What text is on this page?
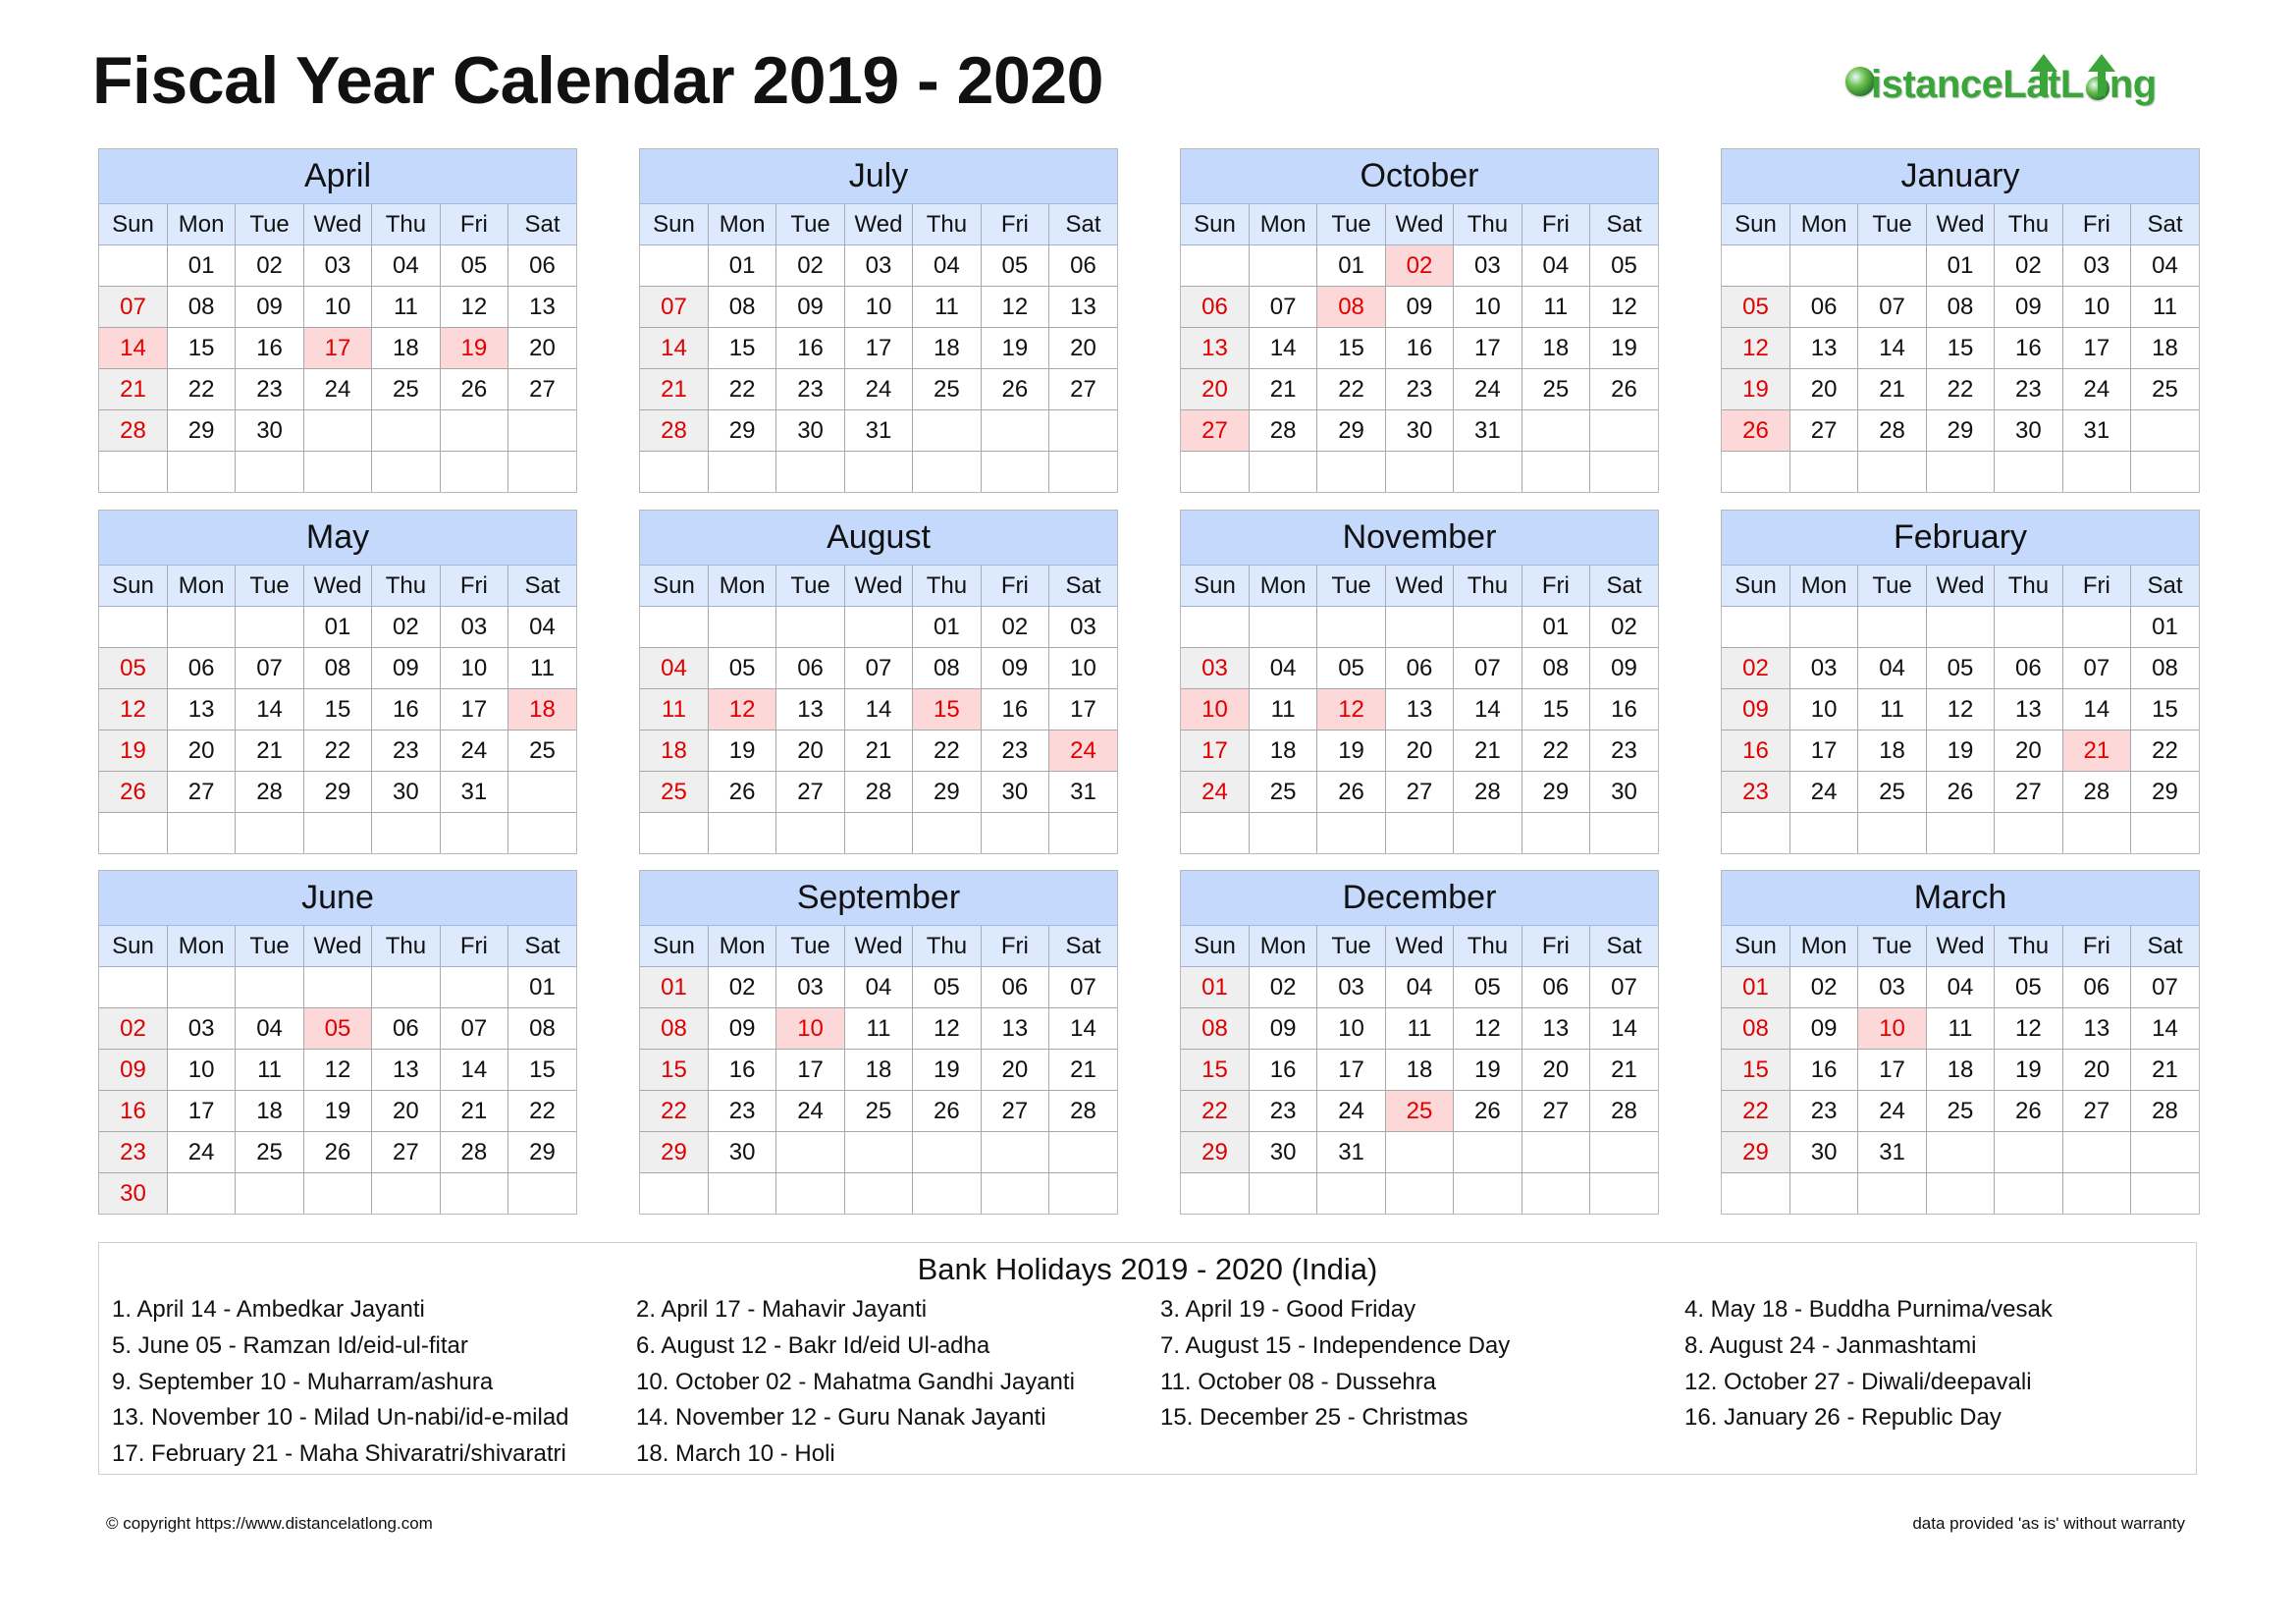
Fiscal Year Calendar 2019 - 2020	istance L at L ng
April
Sun	Mon	Tue	Wed	Thu	Fri	Sat
	01	02	03	04	05	06
07	08	09	10	11	12	13
14	15	16	17	18	19	20
21	22	23	24	25	26	27
28	29	30				

July
Sun	Mon	Tue	Wed	Thu	Fri	Sat
	01	02	03	04	05	06
07	08	09	10	11	12	13
14	15	16	17	18	19	20
21	22	23	24	25	26	27
28	29	30	31			

October
Sun	Mon	Tue	Wed	Thu	Fri	Sat
		01	02	03	04	05
06	07	08	09	10	11	12
13	14	15	16	17	18	19
20	21	22	23	24	25	26
27	28	29	30	31		

January
Sun	Mon	Tue	Wed	Thu	Fri	Sat
			01	02	03	04
05	06	07	08	09	10	11
12	13	14	15	16	17	18
19	20	21	22	23	24	25
26	27	28	29	30	31	

May
Sun	Mon	Tue	Wed	Thu	Fri	Sat
			01	02	03	04
05	06	07	08	09	10	11
12	13	14	15	16	17	18
19	20	21	22	23	24	25
26	27	28	29	30	31	

August
Sun	Mon	Tue	Wed	Thu	Fri	Sat
				01	02	03
04	05	06	07	08	09	10
11	12	13	14	15	16	17
18	19	20	21	22	23	24
25	26	27	28	29	30	31

November
Sun	Mon	Tue	Wed	Thu	Fri	Sat
					01	02
03	04	05	06	07	08	09
10	11	12	13	14	15	16
17	18	19	20	21	22	23
24	25	26	27	28	29	30

February
Sun	Mon	Tue	Wed	Thu	Fri	Sat
						01
02	03	04	05	06	07	08
09	10	11	12	13	14	15
16	17	18	19	20	21	22
23	24	25	26	27	28	29

June
Sun	Mon	Tue	Wed	Thu	Fri	Sat
						01
02	03	04	05	06	07	08
09	10	11	12	13	14	15
16	17	18	19	20	21	22
23	24	25	26	27	28	29
30						
September
Sun	Mon	Tue	Wed	Thu	Fri	Sat
01	02	03	04	05	06	07
08	09	10	11	12	13	14
15	16	17	18	19	20	21
22	23	24	25	26	27	28
29	30					

December
Sun	Mon	Tue	Wed	Thu	Fri	Sat
01	02	03	04	05	06	07
08	09	10	11	12	13	14
15	16	17	18	19	20	21
22	23	24	25	26	27	28
29	30	31				

March
Sun	Mon	Tue	Wed	Thu	Fri	Sat
01	02	03	04	05	06	07
08	09	10	11	12	13	14
15	16	17	18	19	20	21
22	23	24	25	26	27	28
29	30	31				

Bank Holidays 2019 - 2020 (India)
1. April 14 - Ambedkar Jayanti	2. April 17 - Mahavir Jayanti	3. April 19 - Good Friday	4. May 18 - Buddha Purnima/vesak
5. June 05 - Ramzan Id/eid-ul-fitar	6. August 12 - Bakr Id/eid Ul-adha	7. August 15 - Independence Day	8. August 24 - Janmashtami
9. September 10 - Muharram/ashura	10. October 02 - Mahatma Gandhi Jayanti	11. October 08 - Dussehra	12. October 27 - Diwali/deepavali
13. November 10 - Milad Un-nabi/id-e-milad	14. November 12 - Guru Nanak Jayanti	15. December 25 - Christmas	16. January 26 - Republic Day
17. February 21 - Maha Shivaratri/shivaratri	18. March 10 - Holi
© copyright https://www.distancelatlong.com	data provided 'as is' without warranty
